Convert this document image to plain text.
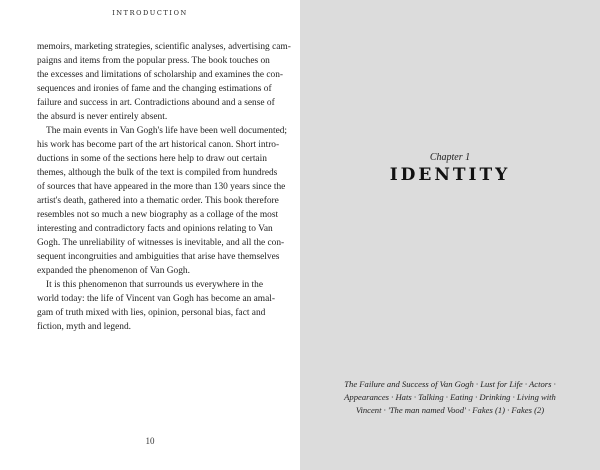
INTRODUCTION
memoirs, marketing strategies, scientific analyses, advertising cam-
paigns and items from the popular press. The book touches on
the excesses and limitations of scholarship and examines the con-
sequences and ironies of fame and the changing estimations of
failure and success in art. Contradictions abound and a sense of
the absurd is never entirely absent.
The main events in Van Gogh's life have been well documented;
his work has become part of the art historical canon. Short intro-
ductions in some of the sections here help to draw out certain
themes, although the bulk of the text is compiled from hundreds
of sources that have appeared in the more than 130 years since the
artist's death, gathered into a thematic order. This book therefore
resembles not so much a new biography as a collage of the most
interesting and contradictory facts and opinions relating to Van
Gogh. The unreliability of witnesses is inevitable, and all the con-
sequent incongruities and ambiguities that arise have themselves
expanded the phenomenon of Van Gogh.
It is this phenomenon that surrounds us everywhere in the
world today: the life of Vincent van Gogh has become an amal-
gam of truth mixed with lies, opinion, personal bias, fact and
fiction, myth and legend.
10
Chapter 1
IDENTITY
The Failure and Success of Van Gogh · Lust for Life · Actors ·
Appearances · Hats · Talking · Eating · Drinking · Living with
Vincent · 'The man named Vood' · Fakes (1) · Fakes (2)
